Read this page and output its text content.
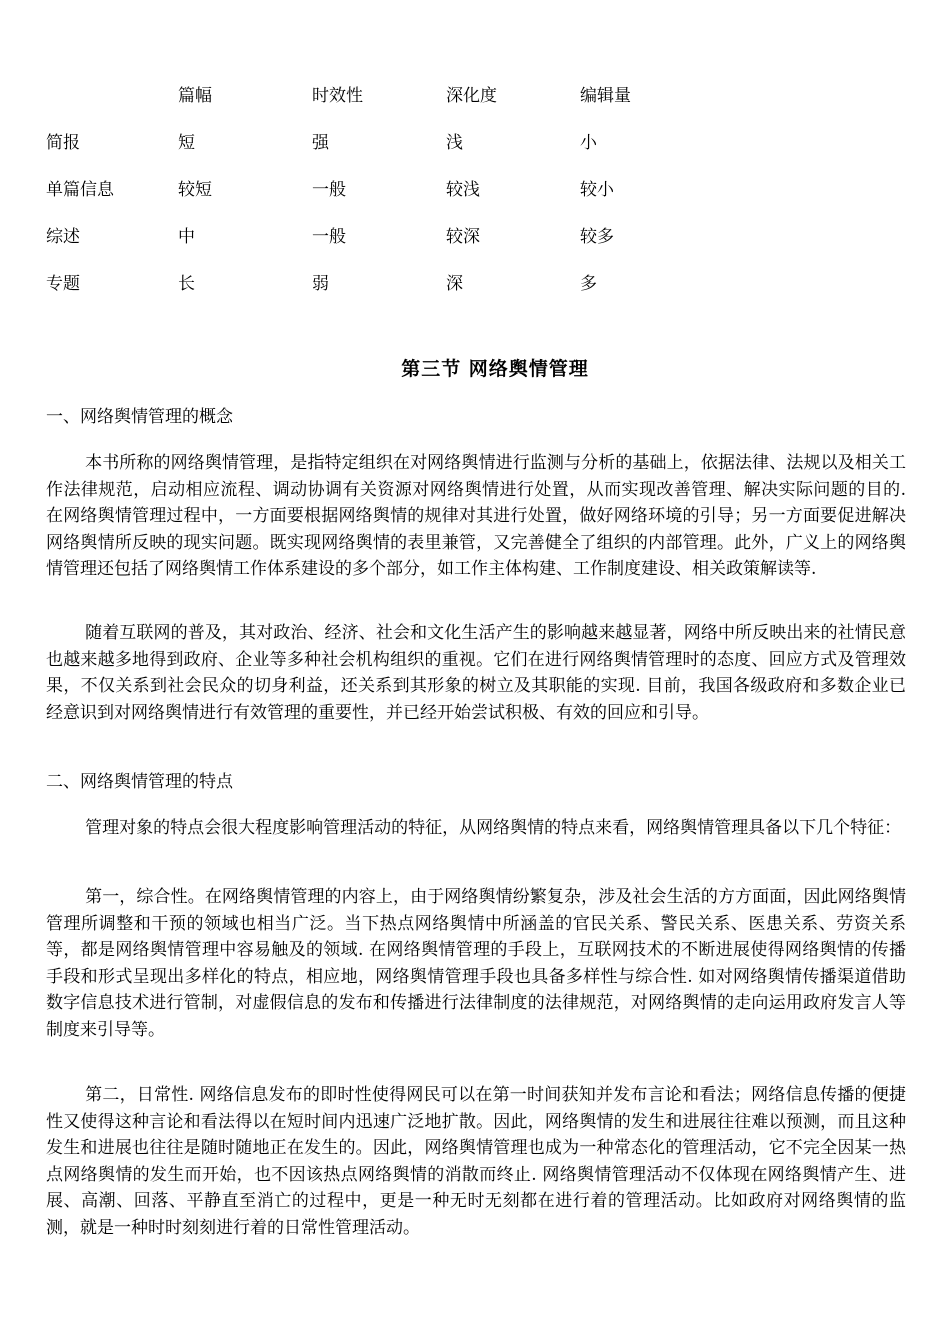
	篇幅	时效性	深化度	编辑量
简报	短	强	浅	小
单篇信息	较短	一般	较浅	较小
综述	中	一般	较深	较多
专题	长	弱	深	多
第三节 网络舆情管理
一、网络舆情管理的概念

本书所称的网络舆情管理，是指特定组织在对网络舆情进行监测与分析的基础上，依据法律、法规以及相关工作法律规范，启动相应流程、调动协调有关资源对网络舆情进行处置，从而实现改善管理、解决实际问题的目的. 在网络舆情管理过程中，一方面要根据网络舆情的规律对其进行处置，做好网络环境的引导；另一方面要促进解决网络舆情所反映的现实问题。既实现网络舆情的表里兼管，又完善健全了组织的内部管理。此外，广义上的网络舆情管理还包括了网络舆情工作体系建设的多个部分，如工作主体构建、工作制度建设、相关政策解读等.

随着互联网的普及，其对政治、经济、社会和文化生活产生的影响越来越显著，网络中所反映出来的社情民意也越来越多地得到政府、企业等多种社会机构组织的重视。它们在进行网络舆情管理时的态度、回应方式及管理效果，不仅关系到社会民众的切身利益，还关系到其形象的树立及其职能的实现. 目前，我国各级政府和多数企业已经意识到对网络舆情进行有效管理的重要性，并已经开始尝试积极、有效的回应和引导。

二、网络舆情管理的特点

管理对象的特点会很大程度影响管理活动的特征，从网络舆情的特点来看，网络舆情管理具备以下几个特征：

第一，综合性。在网络舆情管理的内容上，由于网络舆情纷繁复杂，涉及社会生活的方方面面，因此网络舆情管理所调整和干预的领域也相当广泛。当下热点网络舆情中所涵盖的官民关系、警民关系、医患关系、劳资关系等，都是网络舆情管理中容易触及的领域. 在网络舆情管理的手段上，互联网技术的不断进展使得网络舆情的传播手段和形式呈现出多样化的特点，相应地，网络舆情管理手段也具备多样性与综合性. 如对网络舆情传播渠道借助数字信息技术进行管制，对虚假信息的发布和传播进行法律制度的法律规范，对网络舆情的走向运用政府发言人等制度来引导等。

第二，日常性. 网络信息发布的即时性使得网民可以在第一时间获知并发布言论和看法；网络信息传播的便捷性又使得这种言论和看法得以在短时间内迅速广泛地扩散。因此，网络舆情的发生和进展往往难以预测，而且这种发生和进展也往往是随时随地正在发生的。因此，网络舆情管理也成为一种常态化的管理活动，它不完全因某一热点网络舆情的发生而开始，也不因该热点网络舆情的消散而终止. 网络舆情管理活动不仅体现在网络舆情产生、进展、高潮、回落、平静直至消亡的过程中，更是一种无时无刻都在进行着的管理活动。比如政府对网络舆情的监测，就是一种时时刻刻进行着的日常性管理活动。
